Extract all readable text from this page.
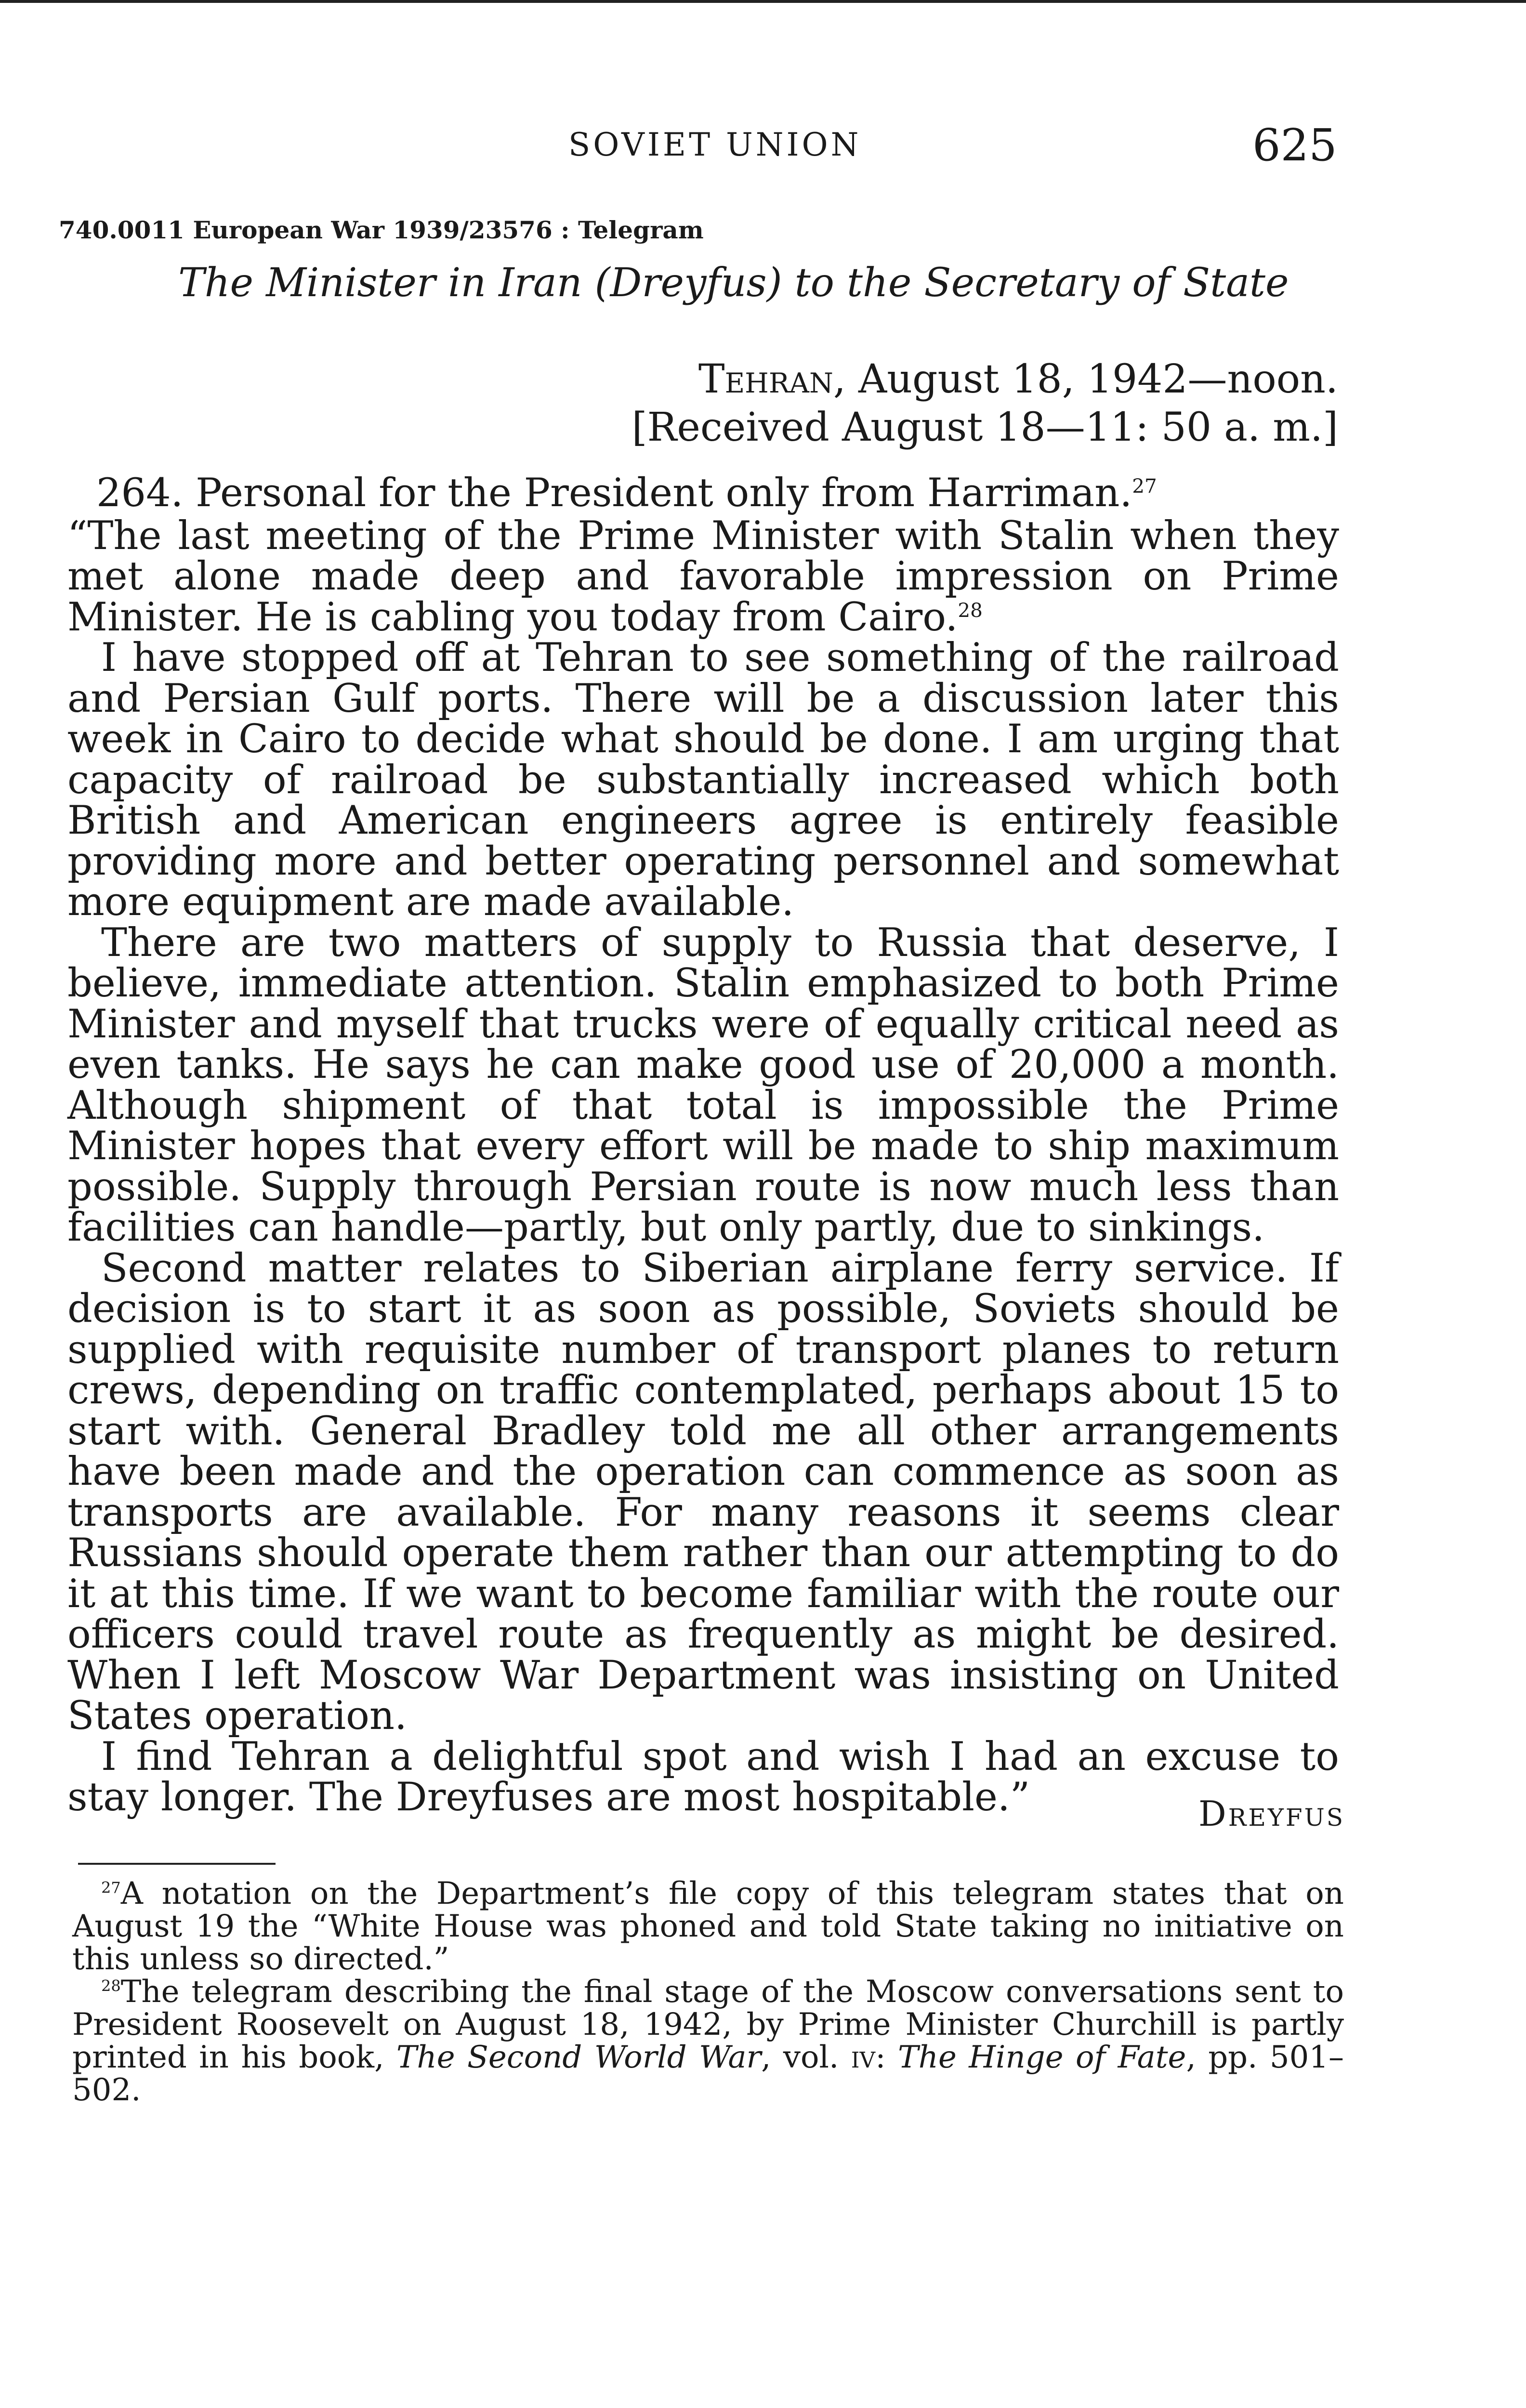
SOVIET UNION	625
740.0011 European War 1939/23576 : Telegram
The Minister in Iran (Dreyfus) to the Secretary of State
Tehran, August 18, 1942—noon.
[Received August 18—11: 50 a. m.]

264. Personal for the President only from Harriman.$^{27}$

“The last meeting of the Prime Minister with Stalin when they met alone made deep and favorable impression on Prime Minister. He is cabling you today from Cairo.$^{28}$

I have stopped off at Tehran to see something of the railroad and Persian Gulf ports. There will be a discussion later this week in Cairo to decide what should be done. I am urging that capacity of railroad be substantially increased which both British and American engineers agree is entirely feasible providing more and better operating personnel and somewhat more equipment are made available.

There are two matters of supply to Russia that deserve, I believe, immediate attention. Stalin emphasized to both Prime Minister and myself that trucks were of equally critical need as even tanks. He says he can make good use of 20,000 a month. Although shipment of that total is impossible the Prime Minister hopes that every effort will be made to ship maximum possible. Supply through Persian route is now much less than facilities can handle—partly, but only partly, due to sinkings.

Second matter relates to Siberian airplane ferry service. If decision is to start it as soon as possible, Soviets should be supplied with requisite number of transport planes to return crews, depending on traffic contemplated, perhaps about 15 to start with. General Bradley told me all other arrangements have been made and the operation can commence as soon as transports are available. For many reasons it seems clear Russians should operate them rather than our attempting to do it at this time. If we want to become familiar with the route our officers could travel route as frequently as might be desired. When I left Moscow War Department was insisting on United States operation.

I find Tehran a delightful spot and wish I had an excuse to stay longer. The Dreyfuses are most hospitable.”	Dreyfus

$^{27}$A notation on the Department’s file copy of this telegram states that on August 19 the “White House was phoned and told State taking no initiative on this unless so directed.”

$^{28}$The telegram describing the final stage of the Moscow conversations sent to President Roosevelt on August 18, 1942, by Prime Minister Churchill is partly printed in his book, The Second World War, vol. iv: The Hinge of Fate, pp. 501–502.
